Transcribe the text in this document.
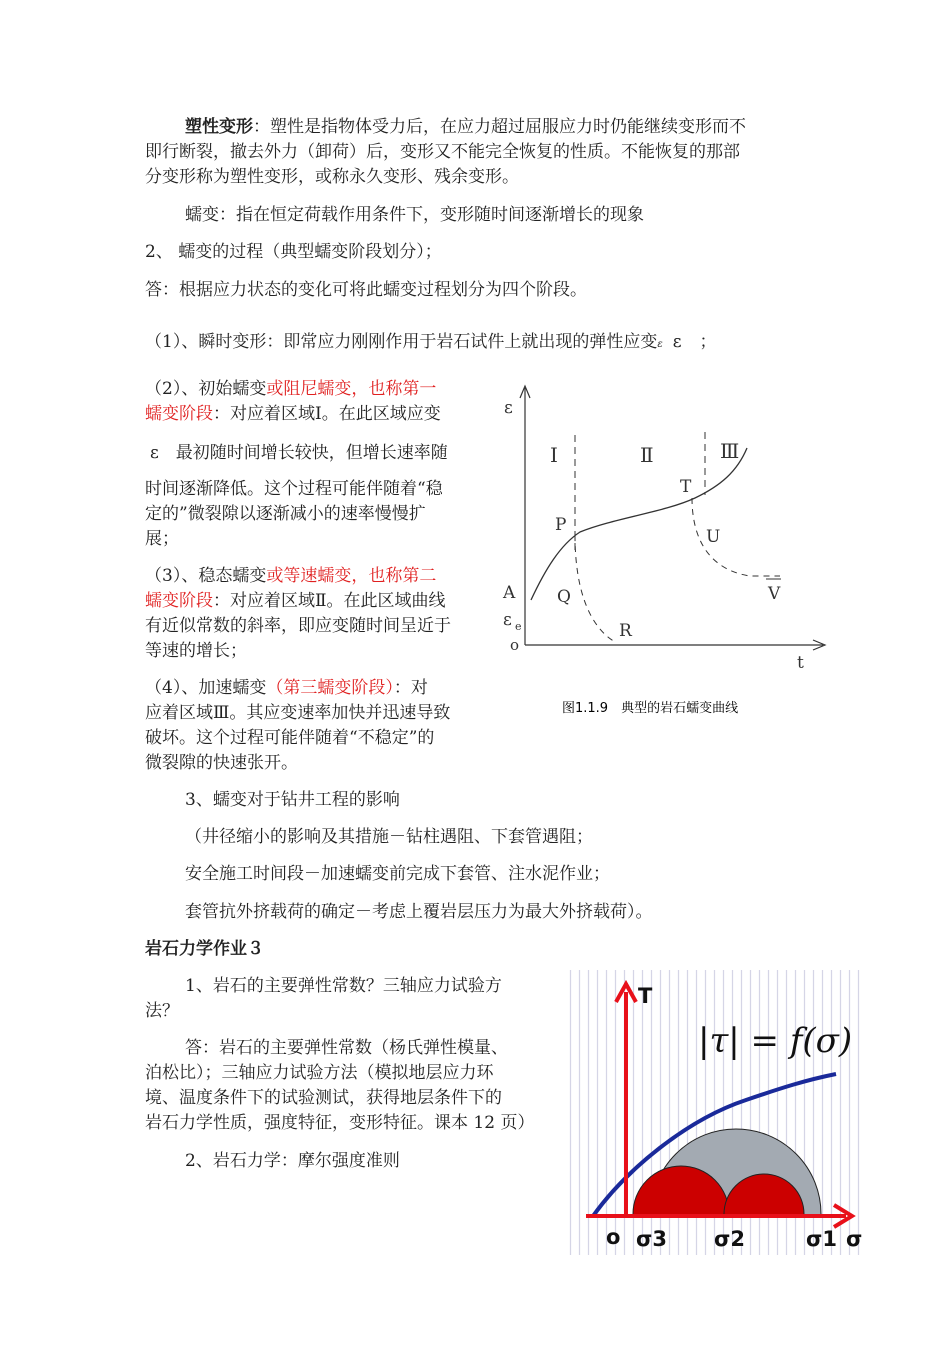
塑性变形：塑性是指物体受力后，在应力超过屈服应力时仍能继续变形而不
即行断裂，撤去外力（卸荷）后，变形又不能完全恢复的性质。不能恢复的那部
分变形称为塑性变形，或称永久变形、残余变形。
蠕变：指在恒定荷载作用条件下，变形随时间逐渐增长的现象
2、 蠕变的过程（典型蠕变阶段划分）；
答：根据应力状态的变化可将此蠕变过程划分为四个阶段。
（1）、瞬时变形：即常应力刚刚作用于岩石试件上就出现的弹性应变ε ε ；
（2）、初始蠕变或阻尼蠕变，也称第一
蠕变阶段：对应着区域Ⅰ。在此区域应变
ε　最初随时间增长较快，但增长速率随
时间逐渐降低。这个过程可能伴随着“稳
定的”微裂隙以逐渐减小的速率慢慢扩
展；
（3）、稳态蠕变或等速蠕变，也称第二
蠕变阶段：对应着区域Ⅱ。在此区域曲线
有近似常数的斜率，即应变随时间呈近于
等速的增长；
（4）、加速蠕变（第三蠕变阶段）：对
应着区域Ⅲ。其应变速率加快并迅速导致
破坏。这个过程可能伴随着“不稳定”的
微裂隙的快速张开。
3、蠕变对于钻井工程的影响
（井径缩小的影响及其措施－钻柱遇阻、下套管遇阻；
安全施工时间段－加速蠕变前完成下套管、注水泥作业；
套管抗外挤载荷的确定－考虑上覆岩层压力为最大外挤载荷）。
岩石力学作业３
1、岩石的主要弹性常数？三轴应力试验方
法？
答：岩石的主要弹性常数（杨氏弹性模量、
泊松比）；三轴应力试验方法（模拟地层应力环
境、温度条件下的试验测试，获得地层条件下的
岩石力学性质，强度特征，变形特征。课本 12 页）
2、岩石力学：摩尔强度准则
ε
t
o
Ⅰ	Ⅱ	Ⅲ
A
ε e
P
Q
R
T
U
V
图1.1.9　典型的岩石蠕变曲线
|τ| = f(σ)
T
o σ3 σ2	σ1 σ
